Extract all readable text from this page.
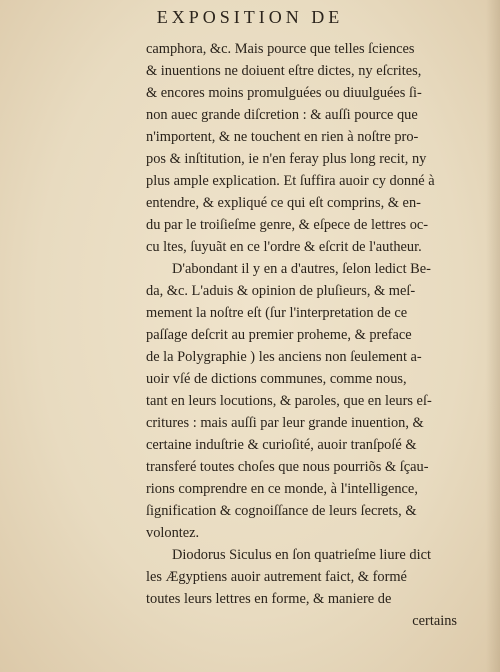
EXPOSITION DE
camphora, &c. Mais pource que telles ſciences
& inuentions ne doiuent eſtre dictes, ny eſcrites,
& encores moins promulguées ou diuulguées ſi-
non auec grande diſcretion : & auſſi pource que
n'importent, & ne touchent en rien à noſtre pro-
pos & inſtitution, ie n'en feray plus long recit, ny
plus ample explication. Et ſuffira auoir cy donné à
entendre, & expliqué ce qui eſt comprins, & en-
du par le troiſieſme genre, & eſpece de lettres oc-
cu ltes, ſuyuãt en ce l'ordre & eſcrit de l'autheur.
D'abondant il y en a d'autres, ſelon ledict Be-
da, &c. L'aduis & opinion de pluſieurs, & meſ-
mement la noſtre eſt (ſur l'interpretation de ce
paſſage deſcrit au premier proheme, & preface
de la Polygraphie ) les anciens non ſeulement a-
uoir vſé de dictions communes, comme nous,
tant en leurs locutions, & paroles, que en leurs eſ-
critures : mais auſſi par leur grande inuention, &
certaine induſtrie & curioſité, auoir tranſpoſé &
transferé toutes choſes que nous pourriõs & ſçau-
rions comprendre en ce monde, à l'intelligence,
ſignification & cognoiſſance de leurs ſecrets, &
volontez.
Diodorus Siculus en ſon quatrieſme liure dict
les Ægyptiens auoir autrement faict, & formé
toutes leurs lettres en forme, & maniere de
certains
